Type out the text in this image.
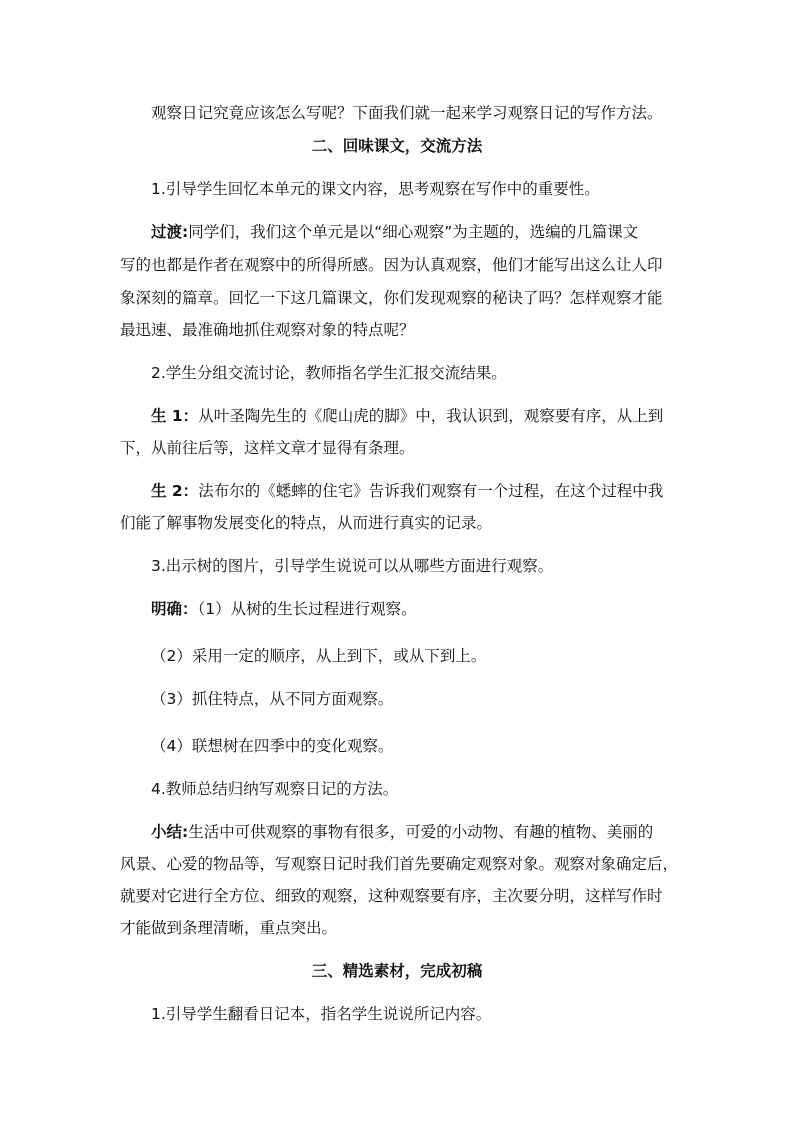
观察日记究竟应该怎么写呢？下面我们就一起来学习观察日记的写作方法。

二、回味课文，交流方法

1.引导学生回忆本单元的课文内容，思考观察在写作中的重要性。

过渡:同学们，我们这个单元是以“细心观察”为主题的，选编的几篇课文

写的也都是作者在观察中的所得所感。因为认真观察，他们才能写出这么让人印

象深刻的篇章。回忆一下这几篇课文，你们发现观察的秘诀了吗？怎样观察才能

最迅速、最准确地抓住观察对象的特点呢？

2.学生分组交流讨论，教师指名学生汇报交流结果。

生 1：从叶圣陶先生的《爬山虎的脚》中，我认识到，观察要有序，从上到

下，从前往后等，这样文章才显得有条理。

生 2：法布尔的《蟋蟀的住宅》告诉我们观察有一个过程，在这个过程中我

们能了解事物发展变化的特点，从而进行真实的记录。

3.出示树的图片，引导学生说说可以从哪些方面进行观察。

明确：（1）从树的生长过程进行观察。

（2）采用一定的顺序，从上到下，或从下到上。

（3）抓住特点，从不同方面观察。

（4）联想树在四季中的变化观察。

4.教师总结归纳写观察日记的方法。

小结:生活中可供观察的事物有很多，可爱的小动物、有趣的植物、美丽的

风景、心爱的物品等，写观察日记时我们首先要确定观察对象。观察对象确定后，

就要对它进行全方位、细致的观察，这种观察要有序，主次要分明，这样写作时

才能做到条理清晰，重点突出。

三、精选素材，完成初稿

1.引导学生翻看日记本，指名学生说说所记内容。
